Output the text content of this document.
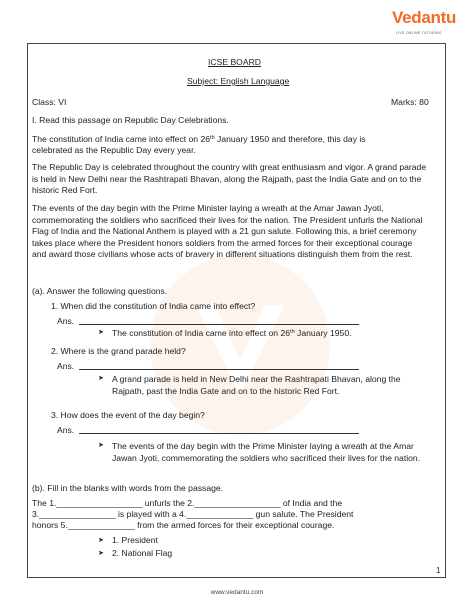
Vedantu
LIVE ONLINE TUTORING
ICSE BOARD
Subject: English Language
Class: VI	Marks: 80
I. Read this passage on Republic Day Celebrations.
The constitution of India came into effect on 26th January 1950 and therefore, this day is
celebrated as the Republic Day every year.
The Republic Day is celebrated throughout the country with great enthusiasm and vigor. A grand parade is held in New Delhi near the Rashtrapati Bhavan, along the Rajpath, past the India Gate and on to the historic Red Fort.
The events of the day begin with the Prime Minister laying a wreath at the Amar Jawan Jyoti, commemorating the soldiers who sacrificed their lives for the nation. The President unfurls the National Flag of India and the National Anthem is played with a 21 gun salute. Following this, a brief ceremony takes place where the President honors soldiers from the armed forces for their exceptional courage and award those civilians whose acts of bravery in different situations distinguish them from the rest.
(a). Answer the following questions.
1. When did the constitution of India came into effect?
Ans.
➤ The constitution of India came into effect on 26th January 1950.
2. Where is the grand parade held?
Ans.
➤ A grand parade is held in New Delhi near the Rashtrapati Bhavan, along the Rajpath, past the India Gate and on to the historic Red Fort.
3. How does the event of the day begin?
Ans.
➤ The events of the day begin with the Prime Minister laying a wreath at the Amar Jawan Jyoti, commemorating the soldiers who sacrificed their lives for the nation.
(b). Fill in the blanks with words from the passage.
The 1.__________________ unfurls the 2.__________________ of India and the
3.________________ is played with a 4.______________ gun salute. The President
honors 5.______________ from the armed forces for their exceptional courage.
➤ 1. President
➤ 2. National Flag
1
www.vedantu.com
